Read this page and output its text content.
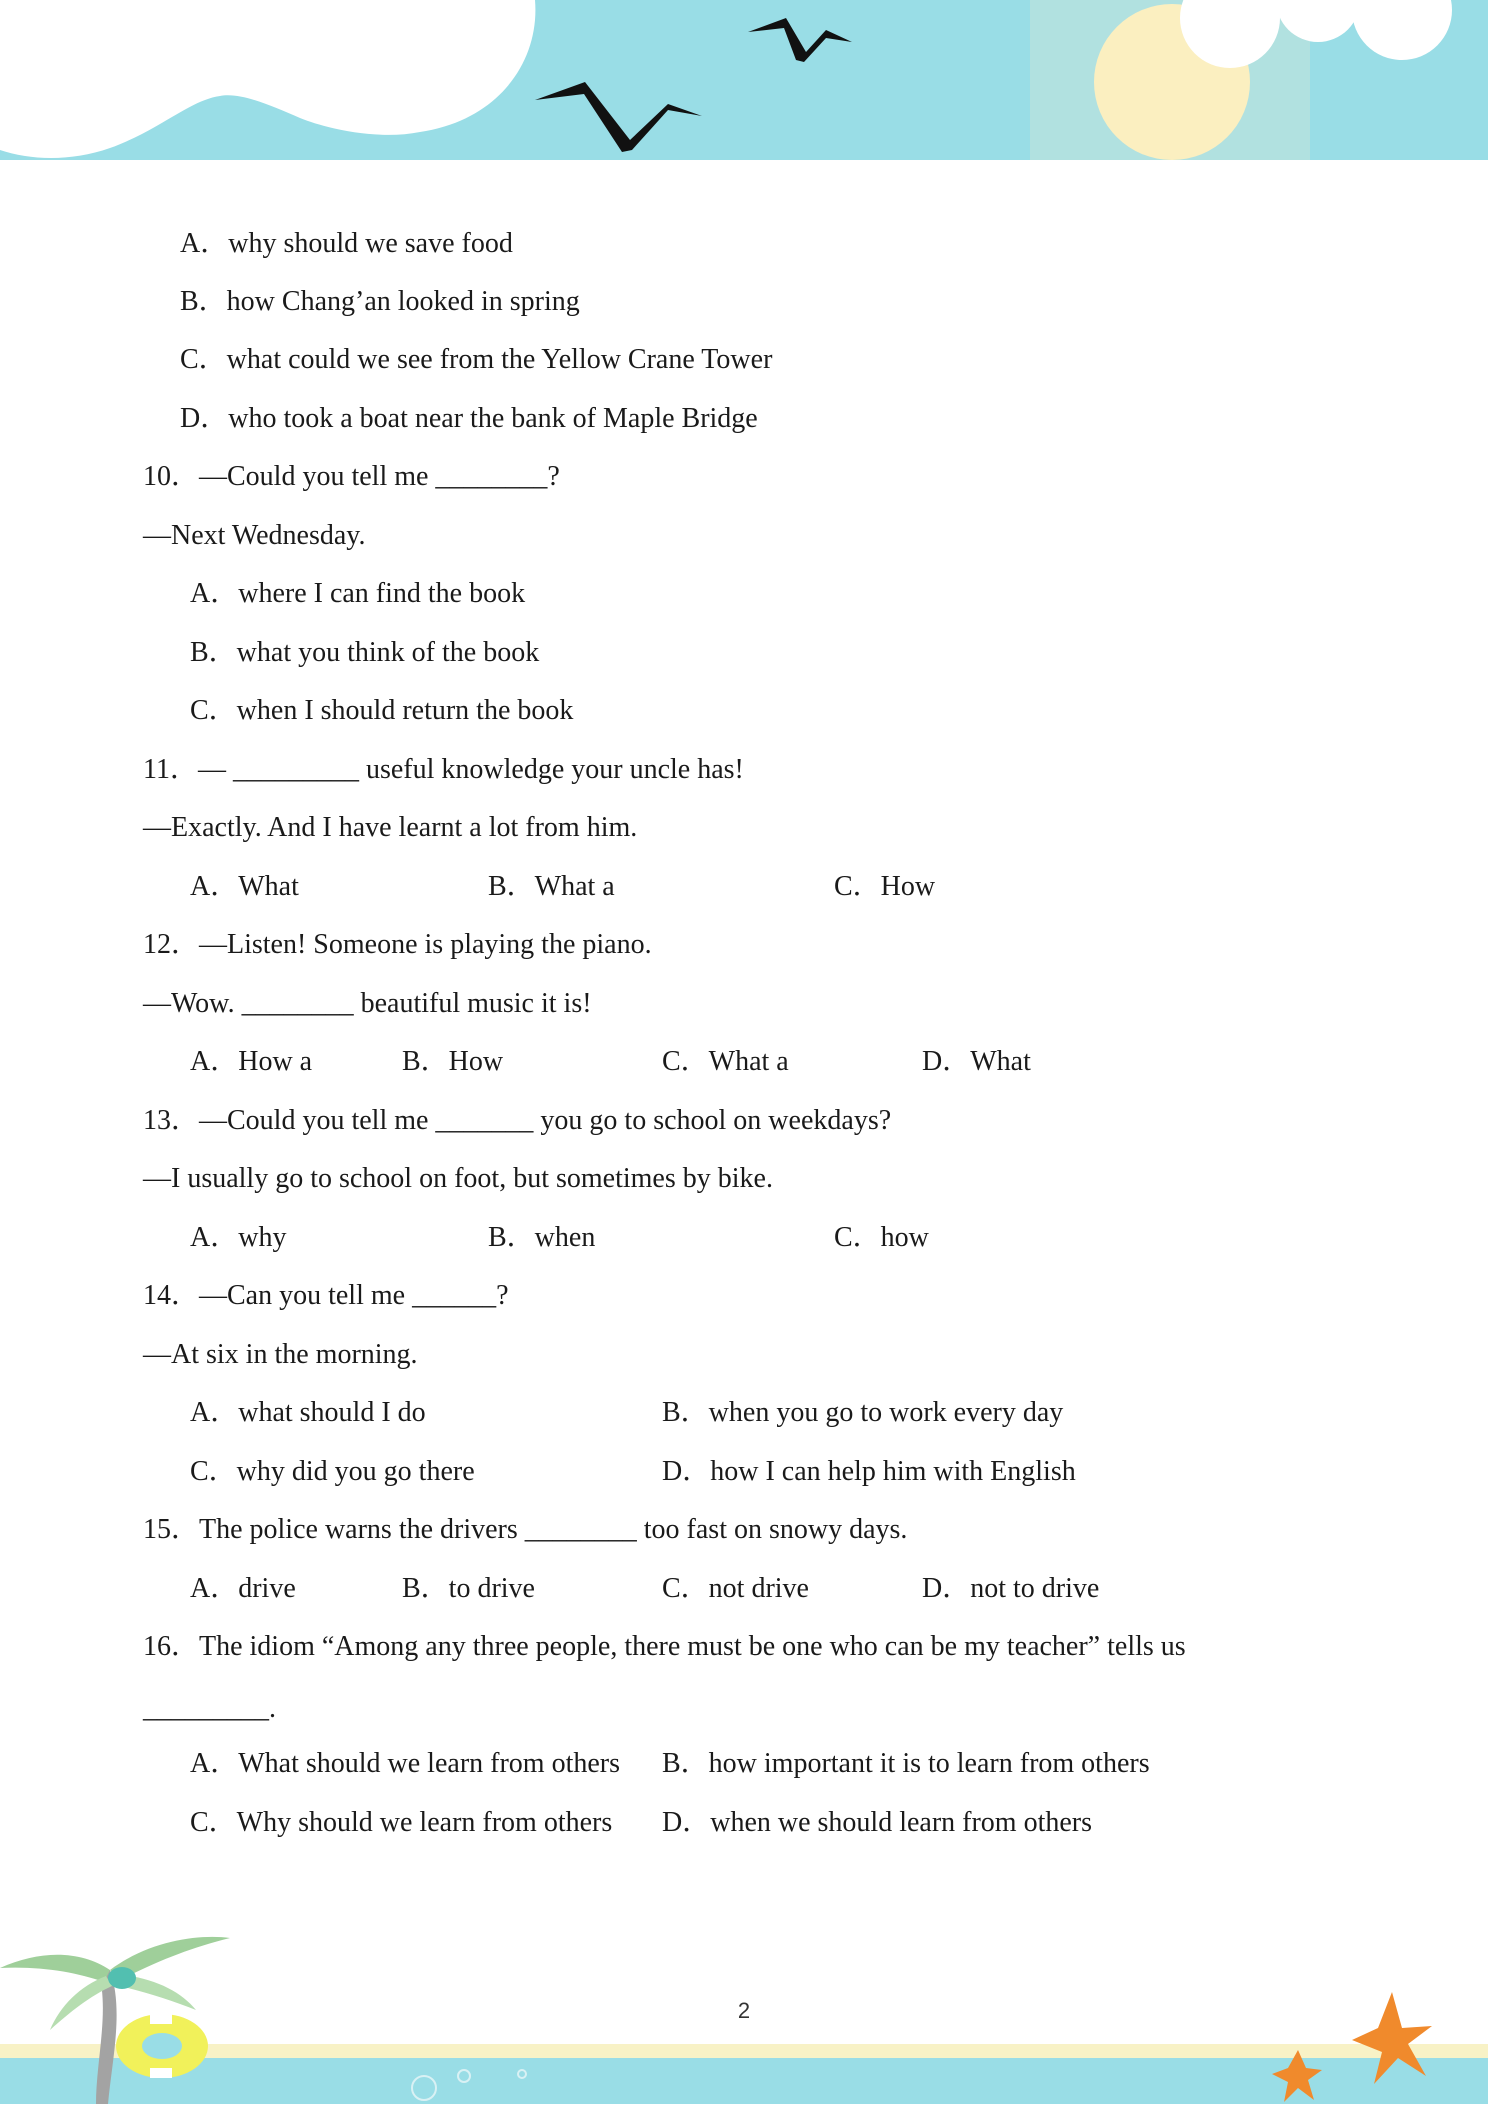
A．why should we save food
B．how Chang’an looked in spring
C．what could we see from the Yellow Crane Tower
D．who took a boat near the bank of Maple Bridge
10．—Could you tell me ________?
—Next Wednesday.
A．where I can find the book
B．what you think of the book
C．when I should return the book
11．— _________ useful knowledge your uncle has!
—Exactly. And I have learnt a lot from him.
A．What	B．What a	C．How
12．—Listen! Someone is playing the piano.
—Wow. ________ beautiful music it is!
A．How a	B．How	C．What a	D．What
13．—Could you tell me _______ you go to school on weekdays?
—I usually go to school on foot, but sometimes by bike.
A．why	B．when	C．how
14．—Can you tell me ______?
—At six in the morning.
A．what should I do	B．when you go to work every day
C．why did you go there	D．how I can help him with English
15．The police warns the drivers ________ too fast on snowy days.
A．drive	B．to drive	C．not drive	D．not to drive
16．The idiom “Among any three people, there must be one who can be my teacher” tells us
_________.
A．What should we learn from others B．how important it is to learn from others
C．Why should we learn from others D．when we should learn from others
2
